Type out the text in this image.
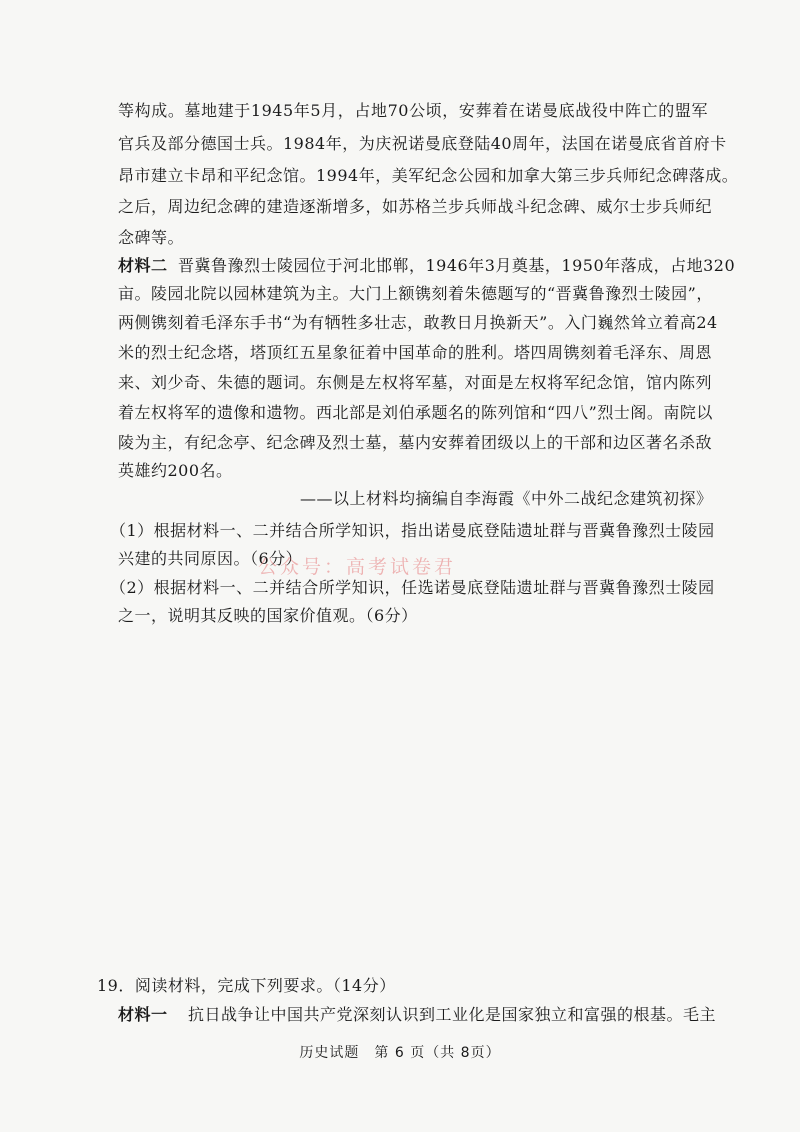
等构成。墓地建于1945年5月，占地70公顷，安葬着在诺曼底战役中阵亡的盟军
官兵及部分德国士兵。1984年，为庆祝诺曼底登陆40周年，法国在诺曼底省首府卡
昂市建立卡昂和平纪念馆。1994年，美军纪念公园和加拿大第三步兵师纪念碑落成。
之后，周边纪念碑的建造逐渐增多，如苏格兰步兵师战斗纪念碑、威尔士步兵师纪
念碑等。
材料二 晋冀鲁豫烈士陵园位于河北邯郸，1946年3月奠基，1950年落成，占地320
亩。陵园北院以园林建筑为主。大门上额镌刻着朱德题写的“晋冀鲁豫烈士陵园”，
两侧镌刻着毛泽东手书“为有牺牲多壮志，敢教日月换新天”。入门巍然耸立着高24
米的烈士纪念塔，塔顶红五星象征着中国革命的胜利。塔四周镌刻着毛泽东、周恩
来、刘少奇、朱德的题词。东侧是左权将军墓，对面是左权将军纪念馆，馆内陈列
着左权将军的遗像和遗物。西北部是刘伯承题名的陈列馆和“四八”烈士阁。南院以
陵为主，有纪念亭、纪念碑及烈士墓，墓内安葬着团级以上的干部和边区著名杀敌
英雄约200名。
——以上材料均摘编自李海霞《中外二战纪念建筑初探》
（1）根据材料一、二并结合所学知识，指出诺曼底登陆遗址群与晋冀鲁豫烈士陵园
兴建的共同原因。（6分）
公众号：高考试卷君
（2）根据材料一、二并结合所学知识，任选诺曼底登陆遗址群与晋冀鲁豫烈士陵园
之一，说明其反映的国家价值观。（6分）
19．阅读材料，完成下列要求。（14分）
材料一	抗日战争让中国共产党深刻认识到工业化是国家独立和富强的根基。毛主
历史试题　第 6 页（共 8页）
